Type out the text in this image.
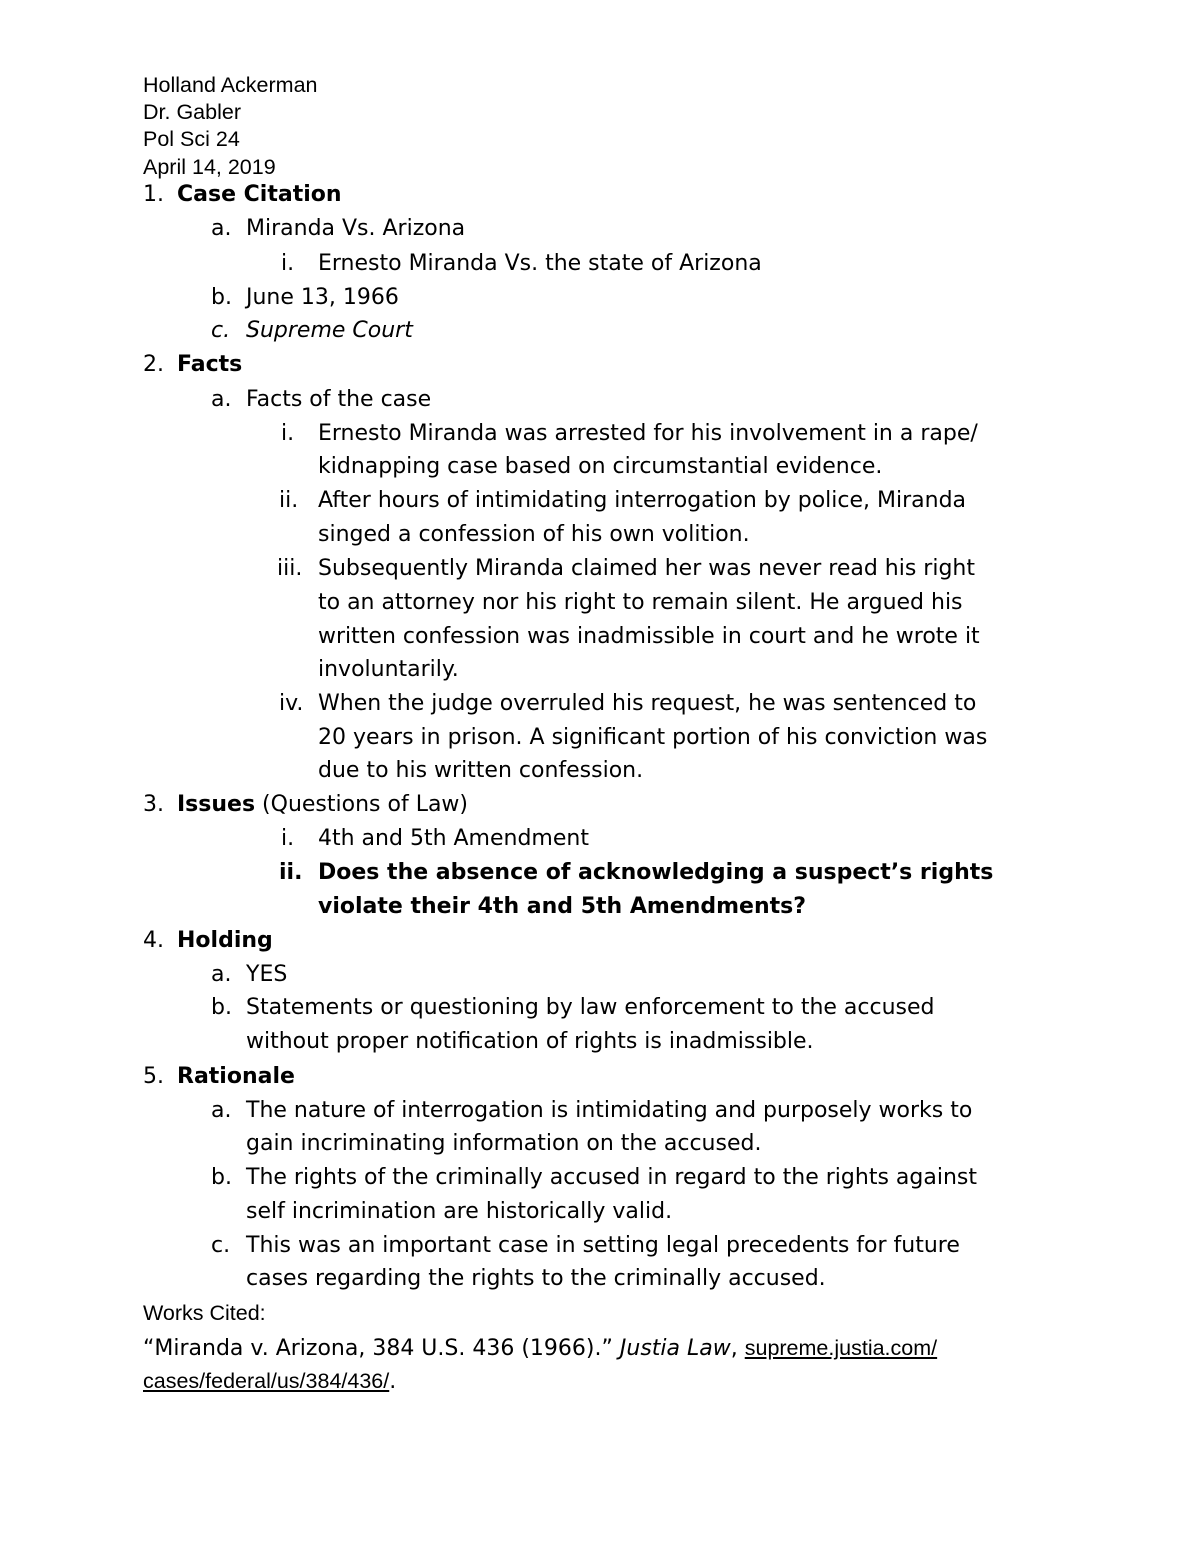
Holland Ackerman
Dr. Gabler
Pol Sci 24
April 14, 2019
1. Case Citation
a. Miranda Vs. Arizona
i. Ernesto Miranda Vs. the state of Arizona
b. June 13, 1966
c. Supreme Court
2. Facts
a. Facts of the case
i. Ernesto Miranda was arrested for his involvement in a rape/
kidnapping case based on circumstantial evidence.
ii. After hours of intimidating interrogation by police, Miranda
singed a confession of his own volition.
iii. Subsequently Miranda claimed her was never read his right
to an attorney nor his right to remain silent. He argued his
written confession was inadmissible in court and he wrote it
involuntarily.
iv. When the judge overruled his request, he was sentenced to
20 years in prison. A significant portion of his conviction was
due to his written confession.
3. Issues (Questions of Law)
i. 4th and 5th Amendment
ii. Does the absence of acknowledging a suspect’s rights
violate their 4th and 5th Amendments?
4. Holding
a. YES
b. Statements or questioning by law enforcement to the accused
without proper notification of rights is inadmissible.
5. Rationale
a. The nature of interrogation is intimidating and purposely works to
gain incriminating information on the accused.
b. The rights of the criminally accused in regard to the rights against
self incrimination are historically valid.
c. This was an important case in setting legal precedents for future
cases regarding the rights to the criminally accused.
Works Cited:
“Miranda v. Arizona, 384 U.S. 436 (1966).” Justia Law, supreme.justia.com/
cases/federal/us/384/436/.
